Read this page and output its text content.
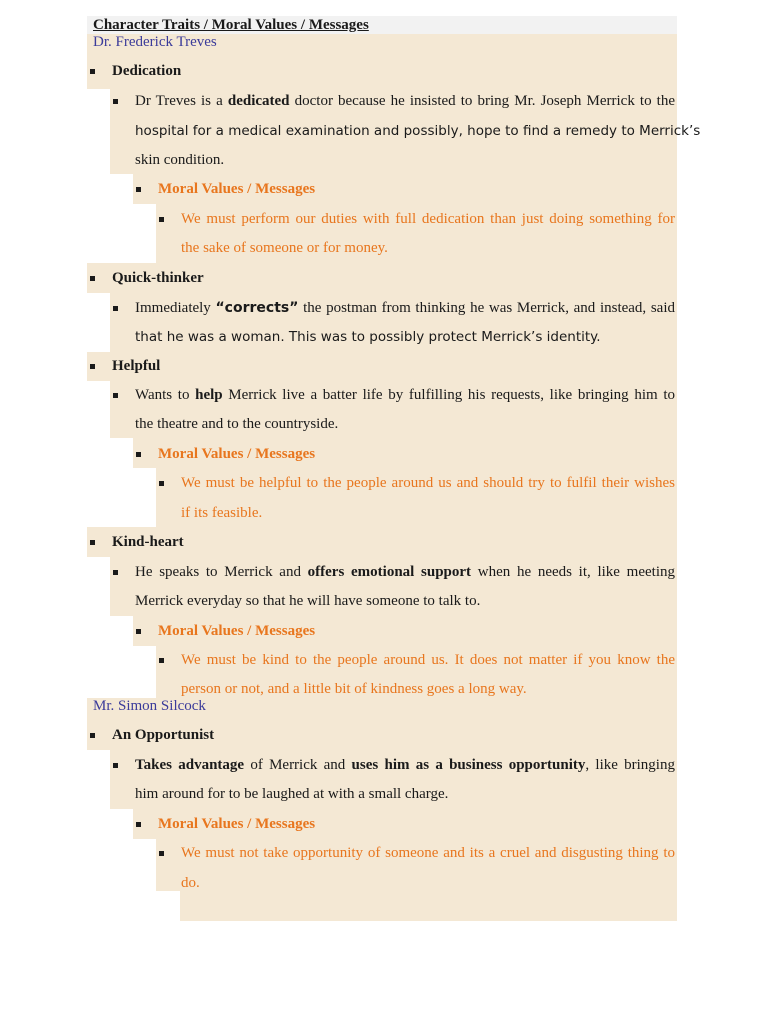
Character Traits / Moral Values / Messages
Dr. Frederick Treves
Dedication
Dr Treves is a dedicated doctor because he insisted to bring Mr. Joseph Merrick to the
hospital for a medical examination and possibly, hope to find a remedy to Merrick’s
skin condition.
Moral Values / Messages
We must perform our duties with full dedication than just doing something for
the sake of someone or for money.
Quick-thinker
Immediately “corrects” the postman from thinking he was Merrick, and instead, said
that he was a woman. This was to possibly protect Merrick’s identity.
Helpful
Wants to help Merrick live a batter life by fulfilling his requests, like bringing him to
the theatre and to the countryside.
Moral Values / Messages
We must be helpful to the people around us and should try to fulfil their wishes
if its feasible.
Kind-heart
He speaks to Merrick and offers emotional support when he needs it, like meeting
Merrick everyday so that he will have someone to talk to.
Moral Values / Messages
We must be kind to the people around us. It does not matter if you know the
person or not, and a little bit of kindness goes a long way.
Mr. Simon Silcock
An Opportunist
Takes advantage of Merrick and uses him as a business opportunity, like bringing
him around for to be laughed at with a small charge.
Moral Values / Messages
We must not take opportunity of someone and its a cruel and disgusting thing to
do.
